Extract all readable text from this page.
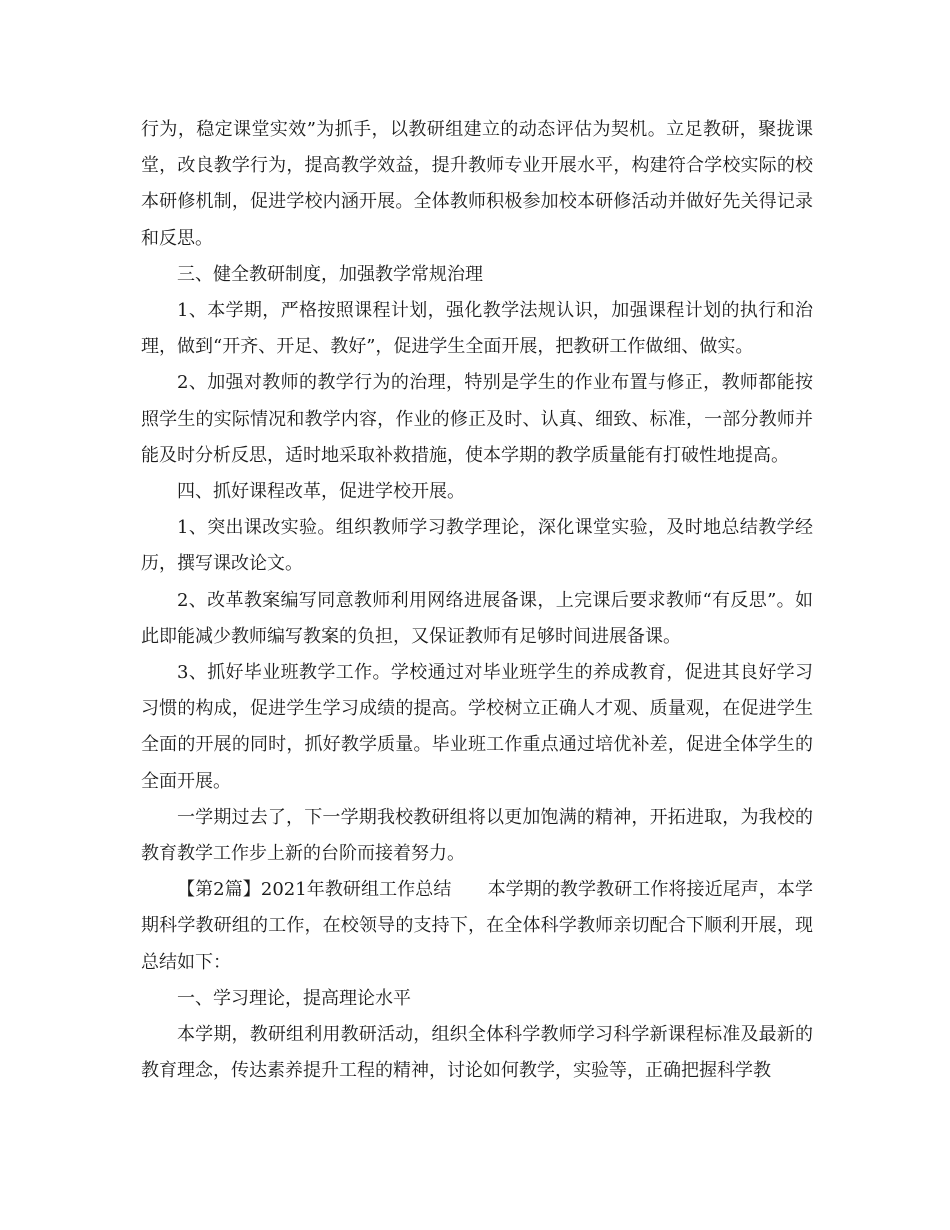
行为，稳定课堂实效”为抓手，以教研组建立的动态评估为契机。立足教研，聚拢课堂，改良教学行为，提高教学效益，提升教师专业开展水平，构建符合学校实际的校本研修机制，促进学校内涵开展。全体教师积极参加校本研修活动并做好先关得记录和反思。

三、健全教研制度，加强教学常规治理

1、本学期，严格按照课程计划，强化教学法规认识，加强课程计划的执行和治理，做到“开齐、开足、教好”，促进学生全面开展，把教研工作做细、做实。

2、加强对教师的教学行为的治理，特别是学生的作业布置与修正，教师都能按照学生的实际情况和教学内容，作业的修正及时、认真、细致、标准，一部分教师并能及时分析反思，适时地采取补救措施，使本学期的教学质量能有打破性地提高。

四、抓好课程改革，促进学校开展。

1、突出课改实验。组织教师学习教学理论，深化课堂实验，及时地总结教学经历，撰写课改论文。

2、改革教案编写同意教师利用网络进展备课，上完课后要求教师“有反思”。如此即能减少教师编写教案的负担，又保证教师有足够时间进展备课。

3、抓好毕业班教学工作。学校通过对毕业班学生的养成教育，促进其良好学习习惯的构成，促进学生学习成绩的提高。学校树立正确人才观、质量观，在促进学生全面的开展的同时，抓好教学质量。毕业班工作重点通过培优补差，促进全体学生的全面开展。

一学期过去了，下一学期我校教研组将以更加饱满的精神，开拓进取，为我校的教育教学工作步上新的台阶而接着努力。

【第2篇】2021年教研组工作总结　　本学期的教学教研工作将接近尾声，本学期科学教研组的工作，在校领导的支持下，在全体科学教师亲切配合下顺利开展，现总结如下：

一、学习理论，提高理论水平

本学期，教研组利用教研活动，组织全体科学教师学习科学新课程标准及最新的教育理念，传达素养提升工程的精神，讨论如何教学，实验等，正确把握科学教
